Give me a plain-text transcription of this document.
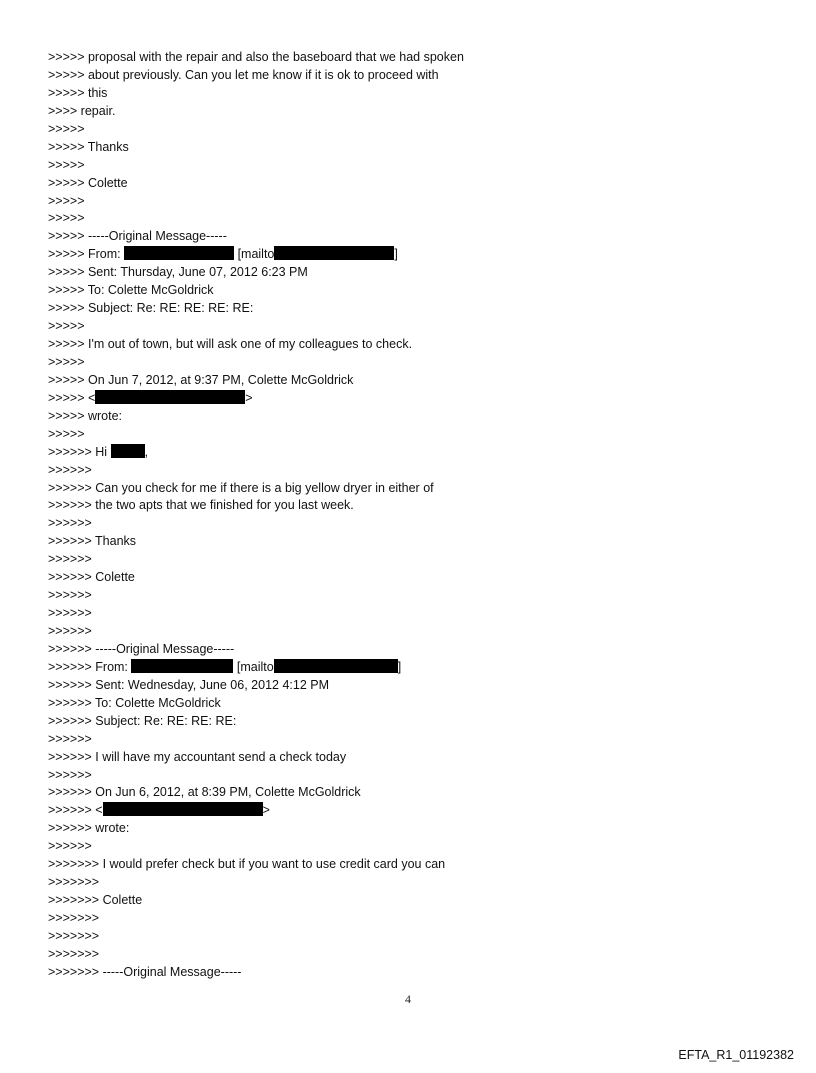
>>>>> proposal with the repair and also the baseboard that we had spoken
>>>>> about previously. Can you let me know if it is ok to proceed with
>>>>> this
>>>> repair.
>>>>>
>>>>> Thanks
>>>>>
>>>>> Colette
>>>>>
>>>>>
>>>>> -----Original Message-----
>>>>> From:	[mailto	]
>>>>> Sent: Thursday, June 07, 2012 6:23 PM
>>>>> To: Colette McGoldrick
>>>>> Subject: Re: RE: RE: RE: RE:
>>>>>
>>>>> I'm out of town, but will ask one of my colleagues to check.
>>>>>
>>>>> On Jun 7, 2012, at 9:37 PM, Colette McGoldrick
>>>>> <	>
>>>>> wrote:
>>>>>
>>>>>> Hi	,
>>>>>>
>>>>>> Can you check for me if there is a big yellow dryer in either of
>>>>>> the two apts that we finished for you last week.
>>>>>>
>>>>>> Thanks
>>>>>>
>>>>>> Colette
>>>>>>
>>>>>>
>>>>>>
>>>>>> -----Original Message-----
>>>>>> From:	[mailto	]
>>>>>> Sent: Wednesday, June 06, 2012 4:12 PM
>>>>>> To: Colette McGoldrick
>>>>>> Subject: Re: RE: RE: RE:
>>>>>>
>>>>>> I will have my accountant send a check today
>>>>>>
>>>>>> On Jun 6, 2012, at 8:39 PM, Colette McGoldrick
>>>>>> <	>
>>>>>> wrote:
>>>>>>
>>>>>>> I would prefer check but if you want to use credit card you can
>>>>>>>
>>>>>>> Colette
>>>>>>>
>>>>>>>
>>>>>>>
>>>>>>> -----Original Message-----
4
EFTA_R1_01192382
